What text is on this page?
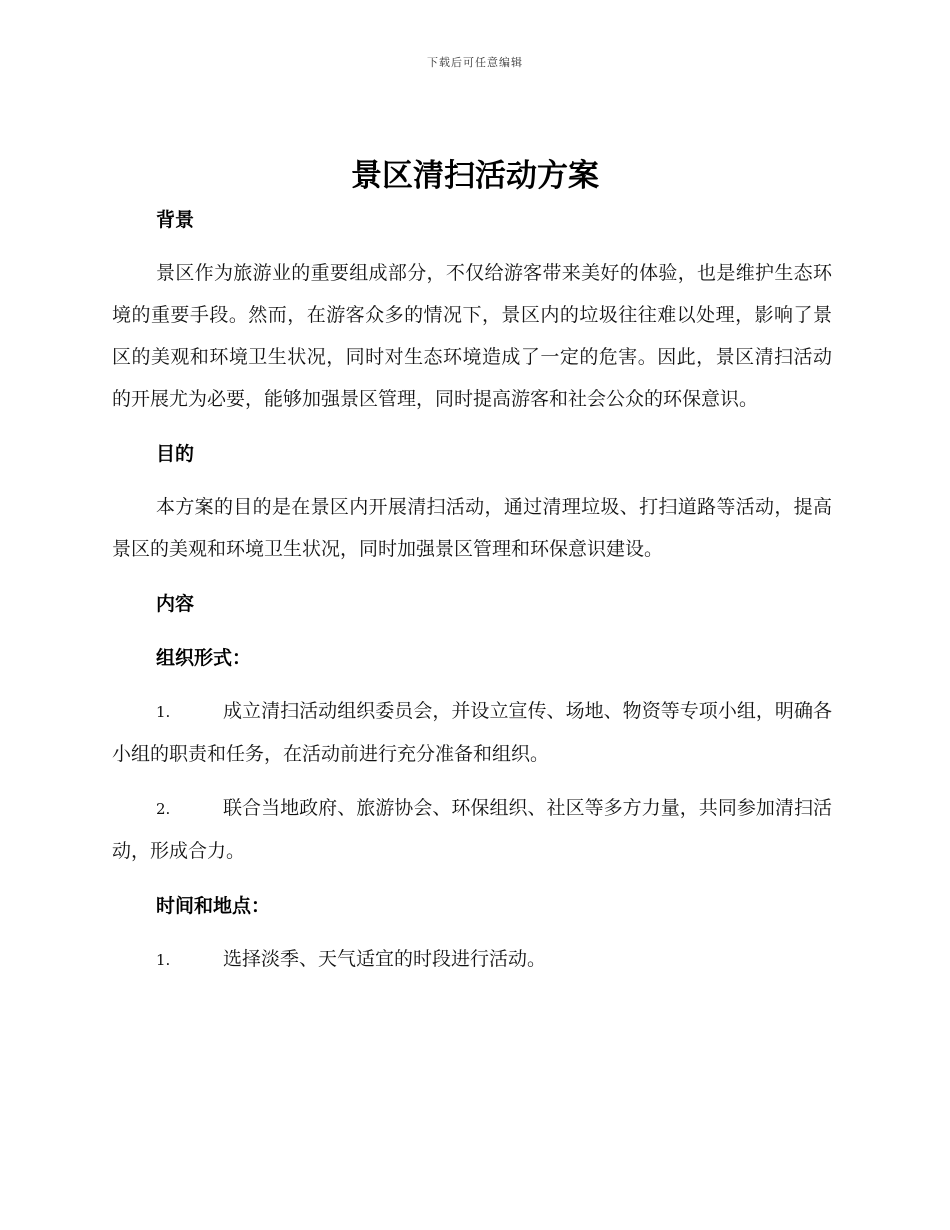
下载后可任意编辑
景区清扫活动方案
背景

景区作为旅游业的重要组成部分，不仅给游客带来美好的体验，也是维护生态环境的重要手段。然而，在游客众多的情况下，景区内的垃圾往往难以处理，影响了景区的美观和环境卫生状况，同时对生态环境造成了一定的危害。因此，景区清扫活动的开展尤为必要，能够加强景区管理，同时提高游客和社会公众的环保意识。

目的

本方案的目的是在景区内开展清扫活动，通过清理垃圾、打扫道路等活动，提高景区的美观和环境卫生状况，同时加强景区管理和环保意识建设。

内容
组织形式：

1.	成立清扫活动组织委员会，并设立宣传、场地、物资等专项小组，明确各小组的职责和任务，在活动前进行充分准备和组织。

2.	联合当地政府、旅游协会、环保组织、社区等多方力量，共同参加清扫活动，形成合力。

时间和地点：

1.	选择淡季、天气适宜的时段进行活动。
